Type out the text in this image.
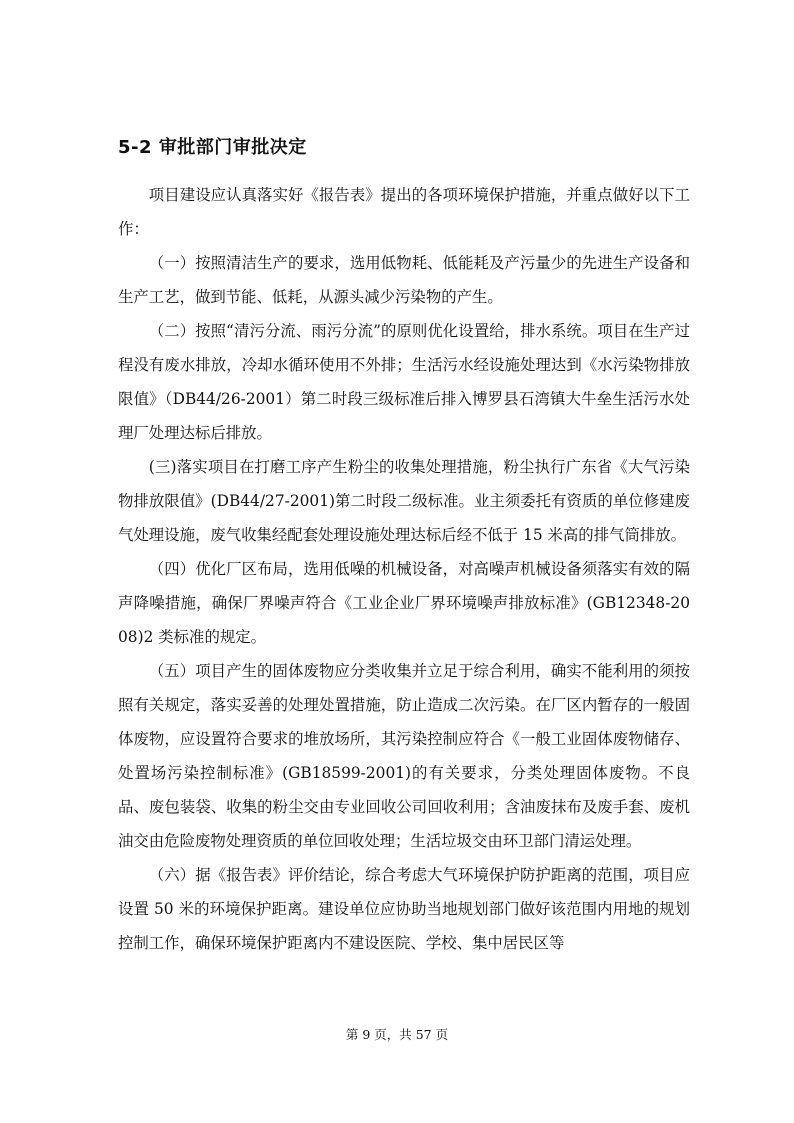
5-2 审批部门审批决定

项目建设应认真落实好《报告表》提出的各项环境保护措施，并重点做好以下工作：

（一）按照清洁生产的要求，选用低物耗、低能耗及产污量少的先进生产设备和生产工艺，做到节能、低耗，从源头减少污染物的产生。

（二）按照“清污分流、雨污分流”的原则优化设置给，排水系统。项目在生产过程没有废水排放，冷却水循环使用不外排；生活污水经设施处理达到《水污染物排放限值》（DB44/26-2001）第二时段三级标准后排入博罗县石湾镇大牛垒生活污水处理厂处理达标后排放。

(三)落实项目在打磨工序产生粉尘的收集处理措施，粉尘执行广东省《大气污染物排放限值》(DB44/27-2001)第二时段二级标准。业主须委托有资质的单位修建废气处理设施，废气收集经配套处理设施处理达标后经不低于 15 米高的排气筒排放。

（四）优化厂区布局，选用低噪的机械设备，对高噪声机械设备须落实有效的隔声降噪措施，确保厂界噪声符合《工业企业厂界环境噪声排放标准》(GB12348-2008)2 类标准的规定。

（五）项目产生的固体废物应分类收集并立足于综合利用，确实不能利用的须按照有关规定，落实妥善的处理处置措施，防止造成二次污染。在厂区内暂存的一般固体废物，应设置符合要求的堆放场所，其污染控制应符合《一般工业固体废物储存、处置场污染控制标准》(GB18599-2001)的有关要求，分类处理固体废物。不良品、废包装袋、收集的粉尘交由专业回收公司回收利用；含油废抹布及废手套、废机油交由危险废物处理资质的单位回收处理；生活垃圾交由环卫部门清运处理。

（六）据《报告表》评价结论，综合考虑大气环境保护防护距离的范围，项目应设置 50 米的环境保护距离。建设单位应协助当地规划部门做好该范围内用地的规划控制工作，确保环境保护距离内不建设医院、学校、集中居民区等

第 9 页，共 57 页
